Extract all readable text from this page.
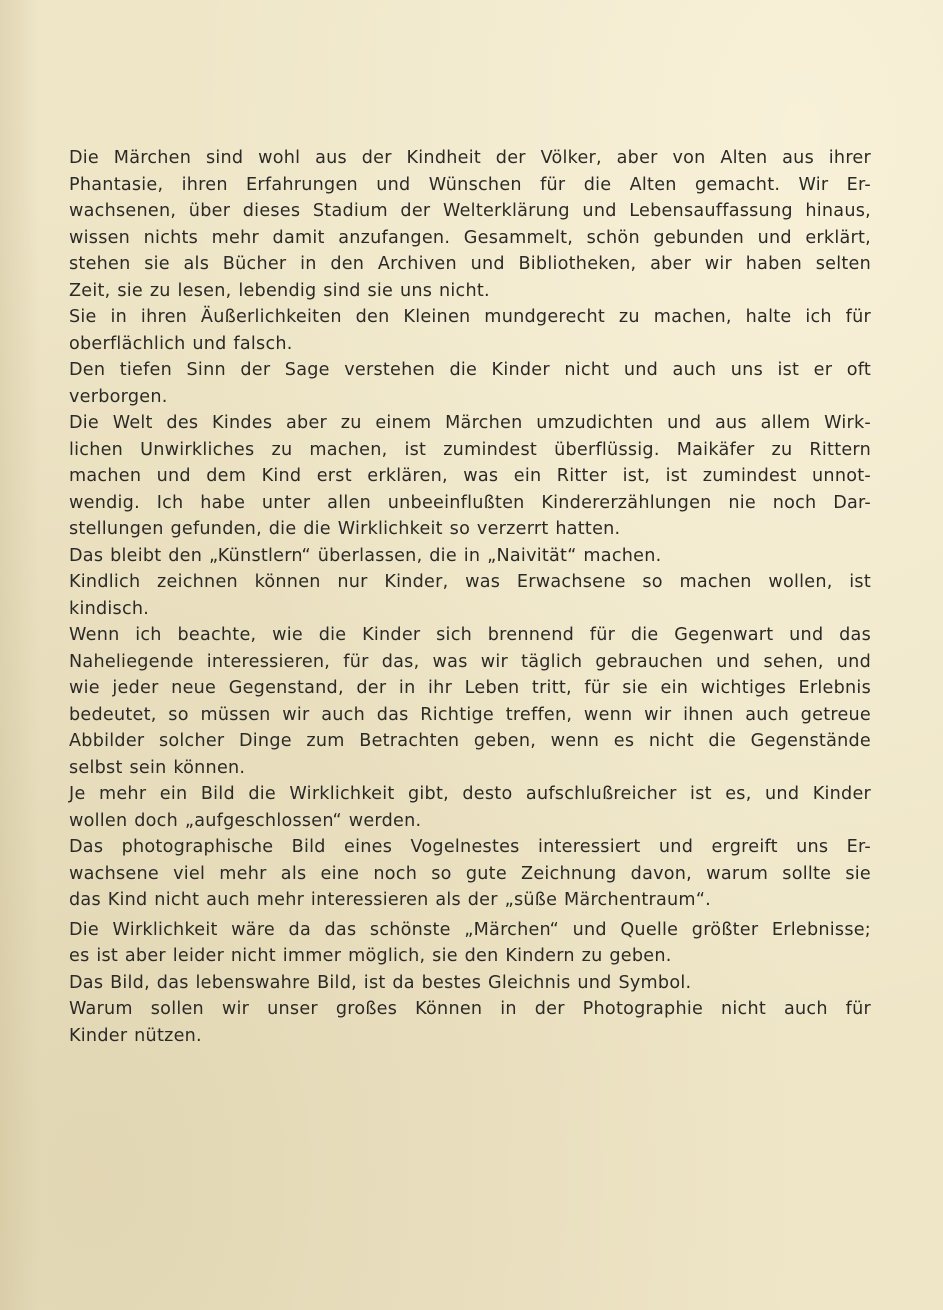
Die Märchen sind wohl aus der Kindheit der Völker, aber von Alten aus ihrer
Phantasie, ihren Erfahrungen und Wünschen für die Alten gemacht. Wir Er-
wachsenen, über dieses Stadium der Welterklärung und Lebensauffassung hinaus,
wissen nichts mehr damit anzufangen. Gesammelt, schön gebunden und erklärt,
stehen sie als Bücher in den Archiven und Bibliotheken, aber wir haben selten
Zeit, sie zu lesen, lebendig sind sie uns nicht.
Sie in ihren Äußerlichkeiten den Kleinen mundgerecht zu machen, halte ich für
oberflächlich und falsch.
Den tiefen Sinn der Sage verstehen die Kinder nicht und auch uns ist er oft
verborgen.
Die Welt des Kindes aber zu einem Märchen umzudichten und aus allem Wirk-
lichen Unwirkliches zu machen, ist zumindest überflüssig. Maikäfer zu Rittern
machen und dem Kind erst erklären, was ein Ritter ist, ist zumindest unnot-
wendig. Ich habe unter allen unbeeinflußten Kindererzählungen nie noch Dar-
stellungen gefunden, die die Wirklichkeit so verzerrt hatten.
Das bleibt den „Künstlern“ überlassen, die in „Naivität“ machen.
Kindlich zeichnen können nur Kinder, was Erwachsene so machen wollen, ist
kindisch.
Wenn ich beachte, wie die Kinder sich brennend für die Gegenwart und das
Naheliegende interessieren, für das, was wir täglich gebrauchen und sehen, und
wie jeder neue Gegenstand, der in ihr Leben tritt, für sie ein wichtiges Erlebnis
bedeutet, so müssen wir auch das Richtige treffen, wenn wir ihnen auch getreue
Abbilder solcher Dinge zum Betrachten geben, wenn es nicht die Gegenstände
selbst sein können.
Je mehr ein Bild die Wirklichkeit gibt, desto aufschlußreicher ist es, und Kinder
wollen doch „aufgeschlossen“ werden.
Das photographische Bild eines Vogelnestes interessiert und ergreift uns Er-
wachsene viel mehr als eine noch so gute Zeichnung davon, warum sollte sie
das Kind nicht auch mehr interessieren als der „süße Märchentraum“.
Die Wirklichkeit wäre da das schönste „Märchen“ und Quelle größter Erlebnisse;
es ist aber leider nicht immer möglich, sie den Kindern zu geben.
Das Bild, das lebenswahre Bild, ist da bestes Gleichnis und Symbol.
Warum sollen wir unser großes Können in der Photographie nicht auch für
Kinder nützen.
